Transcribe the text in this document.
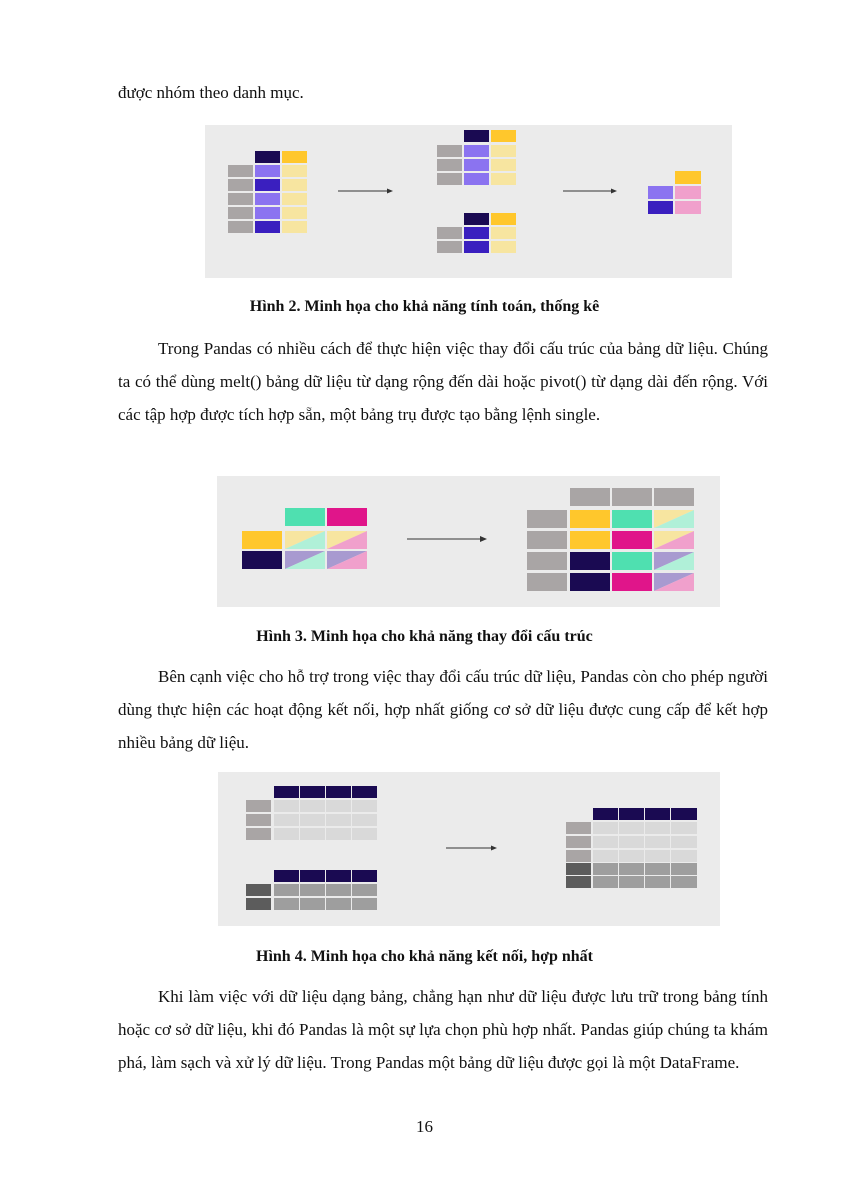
được nhóm theo danh mục.
Hình 2. Minh họa cho khả năng tính toán, thống kê
Trong Pandas có nhiều cách để thực hiện việc thay đổi cấu trúc của bảng dữ liệu. Chúng ta có thể dùng melt() bảng dữ liệu từ dạng rộng đến dài hoặc pivot() từ dạng dài đến rộng. Với các tập hợp được tích hợp sẵn, một bảng trụ được tạo bằng lệnh single.
Hình 3. Minh họa cho khả năng thay đổi cấu trúc
Bên cạnh việc cho hỗ trợ trong việc thay đổi cấu trúc dữ liệu, Pandas còn cho phép người dùng thực hiện các hoạt động kết nối, hợp nhất giống cơ sở dữ liệu được cung cấp để kết hợp nhiều bảng dữ liệu.
Hình 4. Minh họa cho khả năng kết nối, hợp nhất
Khi làm việc với dữ liệu dạng bảng, chẳng hạn như dữ liệu được lưu trữ trong bảng tính hoặc cơ sở dữ liệu, khi đó Pandas là một sự lựa chọn phù hợp nhất. Pandas giúp chúng ta khám phá, làm sạch và xử lý dữ liệu. Trong Pandas một bảng dữ liệu được gọi là một DataFrame.
16
